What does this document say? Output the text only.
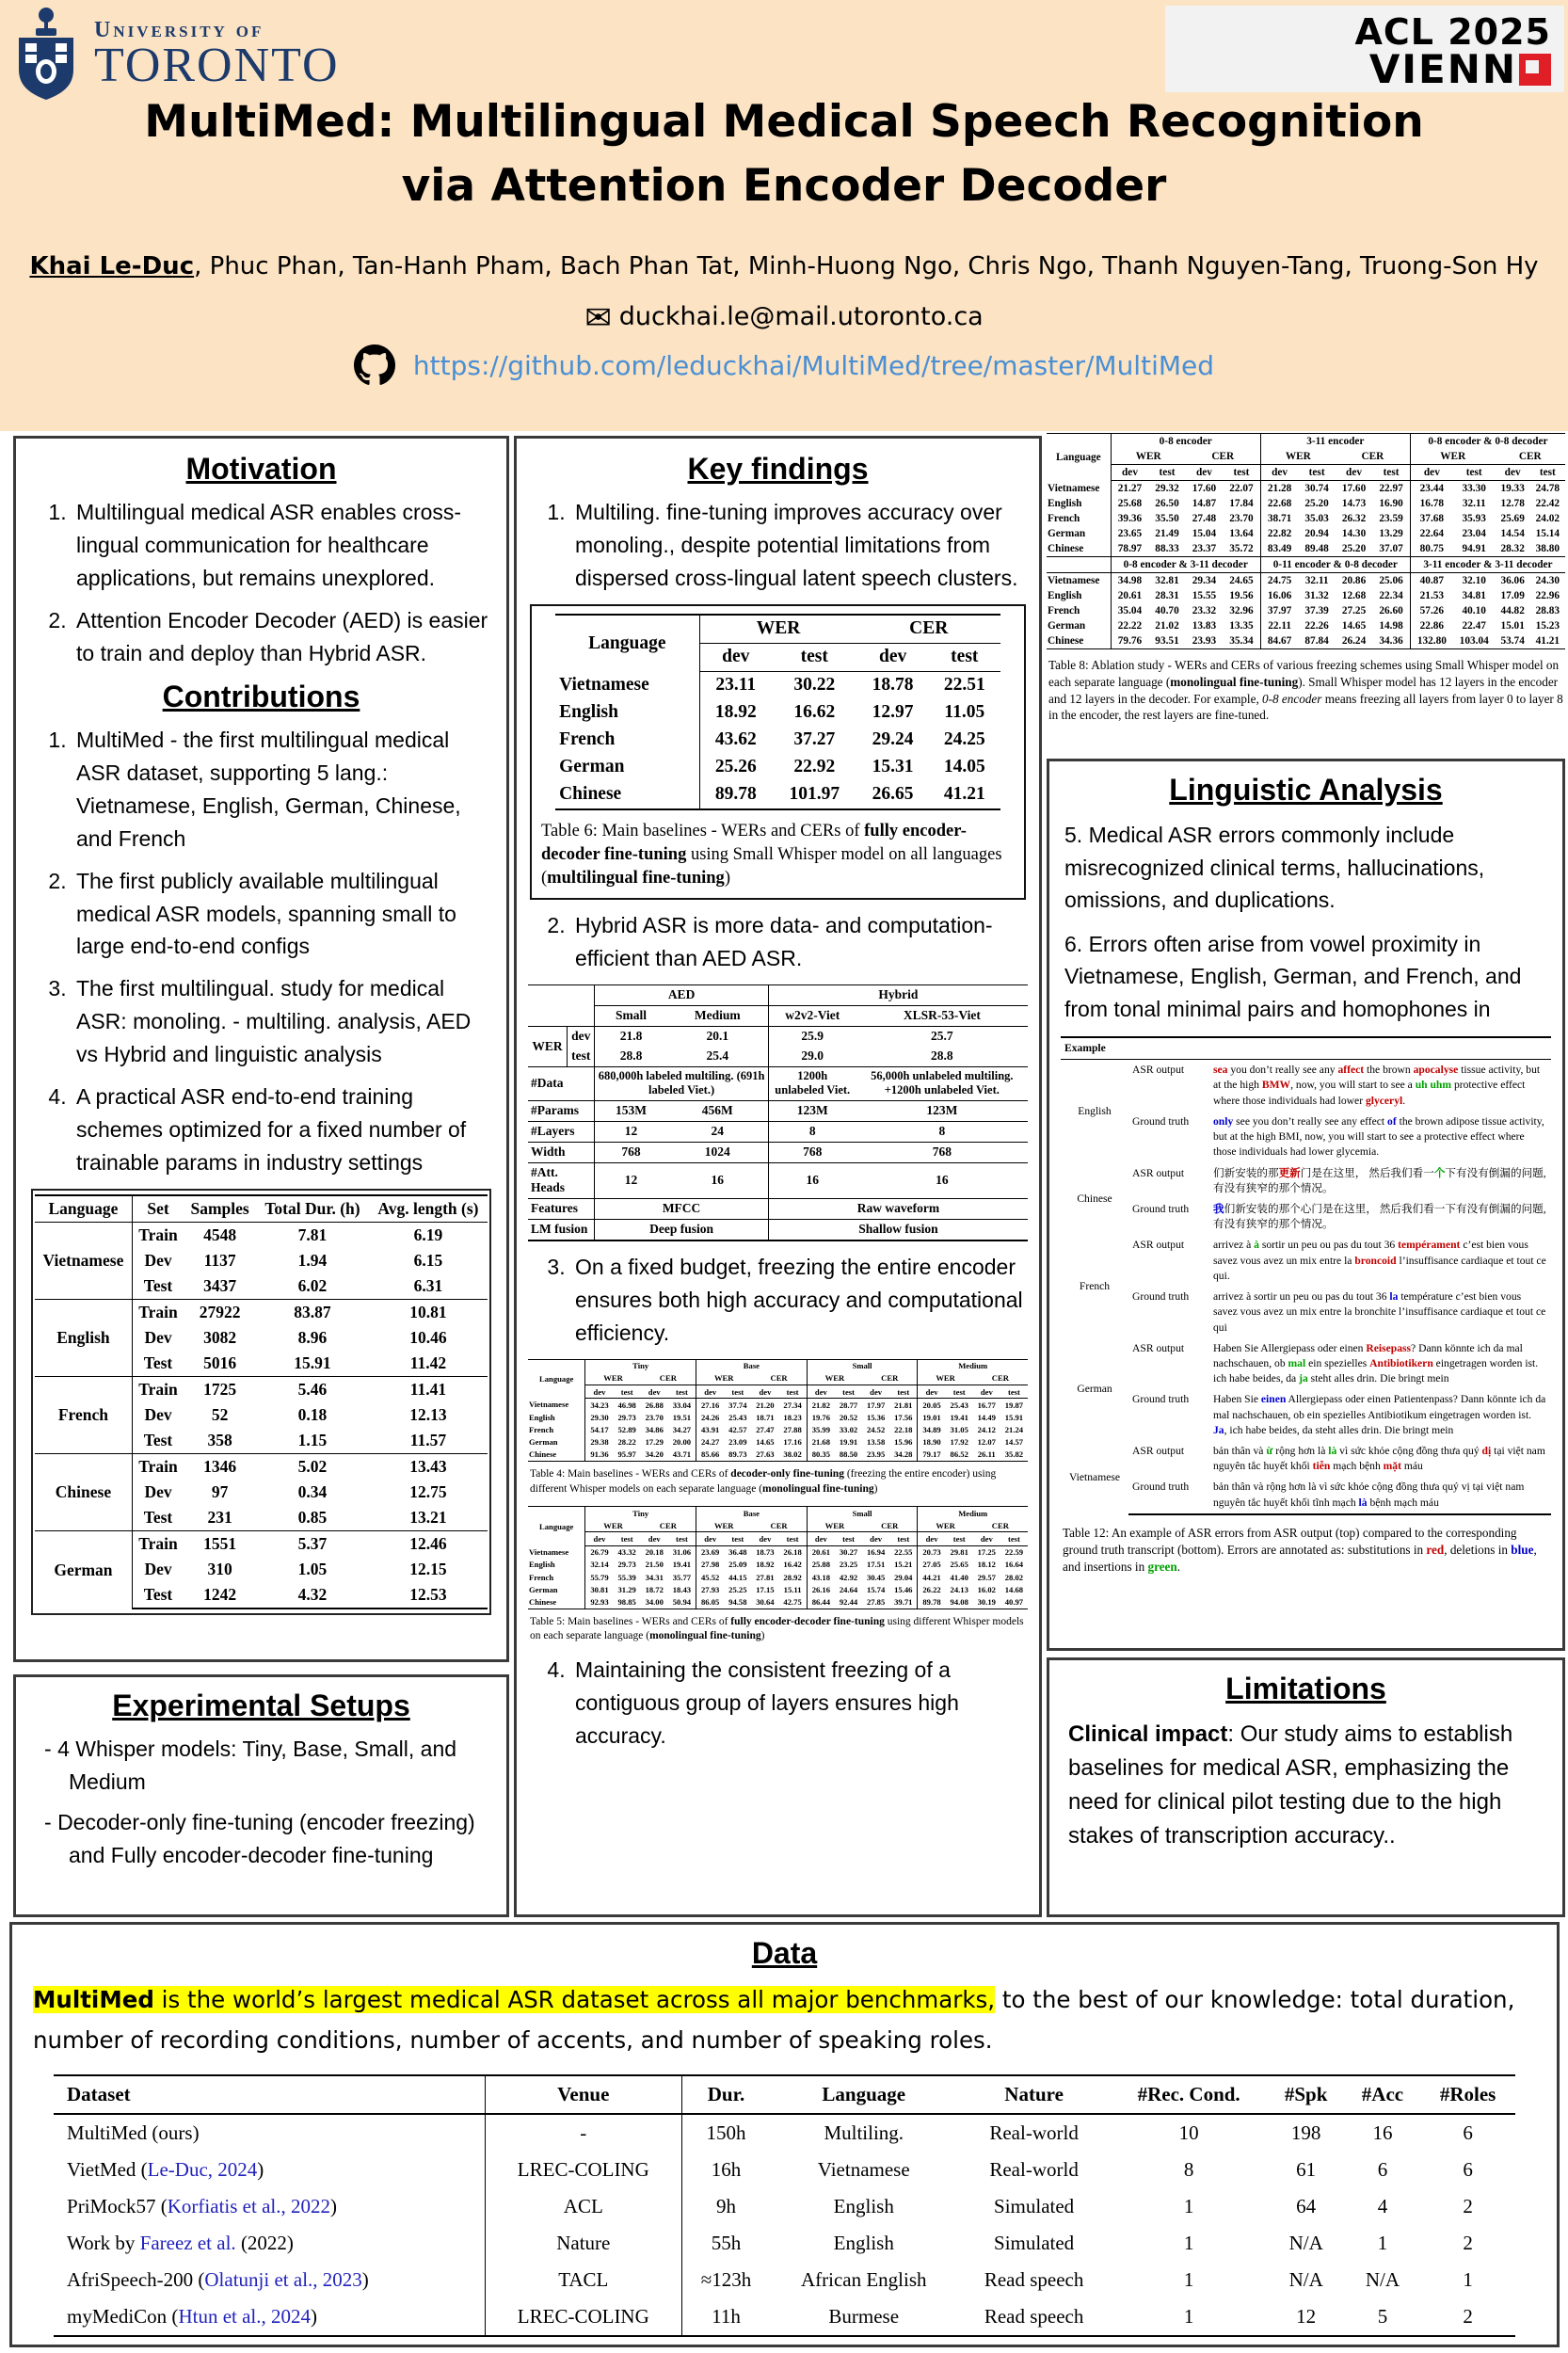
University of
TORONTO
ACL 2025
VIENN
MultiMed: Multilingual Medical Speech Recognition
via Attention Encoder Decoder
Khai Le-Duc, Phuc Phan, Tan-Hanh Pham, Bach Phan Tat, Minh-Huong Ngo, Chris Ngo, Thanh Nguyen-Tang, Truong-Son Hy
✉ duckhai.le@mail.utoronto.ca
https://github.com/leduckhai/MultiMed/tree/master/MultiMed
Motivation
1. Multilingual medical ASR enables cross-lingual communication for healthcare applications, but remains unexplored.
2. Attention Encoder Decoder (AED) is easier to train and deploy than Hybrid ASR.
Contributions
1. MultiMed - the first multilingual medical ASR dataset, supporting 5 lang.: Vietnamese, English, German, Chinese, and French
2. The first publicly available multilingual medical ASR models, spanning small to large end-to-end configs
3. The first multilingual. study for medical ASR: monoling. - multiling. analysis, AED vs Hybrid and linguistic analysis
4. A practical ASR end-to-end training schemes optimized for a fixed number of trainable params in industry settings
Language	Set	Samples	Total Dur. (h)	Avg. length (s)
Vietnamese	Train	4548	7.81	6.19
	Dev	1137	1.94	6.15
	Test	3437	6.02	6.31
English	Train	27922	83.87	10.81
	Dev	3082	8.96	10.46
	Test	5016	15.91	11.42
French	Train	1725	5.46	11.41
	Dev	52	0.18	12.13
	Test	358	1.15	11.57
Chinese	Train	1346	5.02	13.43
	Dev	97	0.34	12.75
	Test	231	0.85	13.21
German	Train	1551	5.37	12.46
	Dev	310	1.05	12.15
	Test	1242	4.32	12.53
Experimental Setups
- 4 Whisper models: Tiny, Base, Small, and Medium
- Decoder-only fine-tuning (encoder freezing) and Fully encoder-decoder fine-tuning
Key findings
1. Multiling. fine-tuning improves accuracy over monoling., despite potential limitations from dispersed cross-lingual latent speech clusters.
Language	WER		CER	
	dev	test	dev	test
Vietnamese	23.11	30.22	18.78	22.51
English	18.92	16.62	12.97	11.05
French	43.62	37.27	29.24	24.25
German	25.26	22.92	15.31	14.05
Chinese	89.78	101.97	26.65	41.21
Table 6: Main baselines - WERs and CERs of fully encoder-decoder fine-tuning using Small Whisper model on all languages (multilingual fine-tuning)
2. Hybrid ASR is more data- and computation-efficient than AED ASR.
		AED		Hybrid	
		Small	Medium	w2v2-Viet	XLSR-53-Viet
WER	dev	21.8	20.1	25.9	25.7
	test	28.8	25.4	29.0	28.8
#Data		680,000h labeled multiling. (691h labeled Viet.)		1200h unlabeled Viet.	56,000h unlabeled multiling. +1200h unlabeled Viet.
#Params		153M	456M	123M	123M
#Layers		12	24	8	8
Width		768	1024	768	768
#Att. Heads		12	16	16	16
Features		MFCC		Raw waveform	
LM fusion		Deep fusion		Shallow fusion	
3. On a fixed budget, freezing the entire encoder ensures both high accuracy and computational efficiency.
Language	Tiny				Base				Small				Medium			
	WER		CER		WER		CER		WER		CER		WER		CER	
	dev	test	dev	test	dev	test	dev	test	dev	test	dev	test	dev	test	dev	test
Vietnamese	34.23	46.98	26.88	33.04	27.16	37.74	21.20	27.34	21.82	28.77	17.97	21.81	20.05	25.43	16.77	19.87
English	29.30	29.73	23.70	19.51	24.26	25.43	18.71	18.23	19.76	20.52	15.36	17.56	19.01	19.41	14.49	15.91
French	54.17	52.89	34.86	34.27	43.91	42.57	27.47	27.88	35.99	33.02	24.52	22.18	34.89	31.05	24.12	21.24
German	29.38	28.22	17.29	20.00	24.27	23.09	14.65	17.16	21.68	19.91	13.58	15.96	18.90	17.92	12.07	14.57
Chinese	91.36	95.97	34.20	43.71	85.66	89.73	27.63	38.02	80.35	88.50	23.95	34.28	79.17	86.52	26.11	35.82
Table 4: Main baselines - WERs and CERs of decoder-only fine-tuning (freezing the entire encoder) using different Whisper models on each separate language (monolingual fine-tuning)
Language	Tiny				Base				Small				Medium			
	WER		CER		WER		CER		WER		CER		WER		CER	
	dev	test	dev	test	dev	test	dev	test	dev	test	dev	test	dev	test	dev	test
Vietnamese	26.79	43.32	20.18	31.06	23.69	36.48	18.73	26.18	20.61	30.27	16.94	22.55	20.73	29.81	17.25	22.59
English	32.14	29.73	21.50	19.41	27.98	25.09	18.92	16.42	25.88	23.25	17.51	15.21	27.05	25.65	18.12	16.64
French	55.79	55.39	34.31	35.77	45.52	44.15	27.81	28.92	43.18	42.92	30.45	29.04	44.21	41.40	29.57	28.02
German	30.81	31.29	18.72	18.43	27.93	25.25	17.15	15.11	26.16	24.64	15.74	15.46	26.22	24.13	16.02	14.68
Chinese	92.93	98.85	34.00	50.94	86.05	94.58	30.64	42.75	86.44	92.44	27.85	39.71	89.78	94.08	30.19	40.97
Table 5: Main baselines - WERs and CERs of fully encoder-decoder fine-tuning using different Whisper models on each separate language (monolingual fine-tuning)
4. Maintaining the consistent freezing of a contiguous group of layers ensures high accuracy.
Language	0-8 encoder				3-11 encoder				0-8 encoder & 0-8 decoder			
	WER		CER		WER		CER		WER		CER	
	dev	test	dev	test	dev	test	dev	test	dev	test	dev	test
Vietnamese	21.27	29.32	17.60	22.07	21.28	30.74	17.60	22.97	23.44	33.30	19.33	24.78
English	25.68	26.50	14.87	17.84	22.68	25.20	14.73	16.90	16.78	32.11	12.78	22.42
French	39.36	35.50	27.48	23.70	38.71	35.03	26.32	23.59	37.68	35.93	25.69	24.02
German	23.65	21.49	15.04	13.64	22.82	20.94	14.30	13.29	22.64	23.04	14.54	15.14
Chinese	78.97	88.33	23.37	35.72	83.49	89.48	25.20	37.07	80.75	94.91	28.32	38.80
	0-8 encoder & 3-11 decoder				0-11 encoder & 0-8 decoder				3-11 encoder & 3-11 decoder			
Vietnamese	34.98	32.81	29.34	24.65	24.75	32.11	20.86	25.06	40.87	32.10	36.06	24.30
English	20.61	28.31	15.55	19.56	16.06	31.32	12.68	22.34	21.53	34.81	17.09	22.96
French	35.04	40.70	23.32	32.96	37.97	37.39	27.25	26.60	57.26	40.10	44.82	28.83
German	22.22	21.02	13.83	13.35	22.11	22.26	14.65	14.98	22.86	22.47	15.01	15.23
Chinese	79.76	93.51	23.93	35.34	84.67	87.84	26.24	34.36	132.80	103.04	53.74	41.21
Table 8: Ablation study - WERs and CERs of various freezing schemes using Small Whisper model on each separate language (monolingual fine-tuning). Small Whisper model has 12 layers in the encoder and 12 layers in the decoder. For example, 0-8 encoder means freezing all layers from layer 0 to layer 8 in the encoder, the rest layers are fine-tuned.
Linguistic Analysis
5. Medical ASR errors commonly include misrecognized clinical terms, hallucinations, omissions, and duplications.
6. Errors often arise from vowel proximity in Vietnamese, English, German, and French, and from tonal minimal pairs and homophones in
Example		
English	ASR output	sea you don’t really see any affect the brown apocalyse tissue activity, but at the high BMW, now, you will start to see a uh uhm protective effect where those individuals had lower glyceryl.
	Ground truth	only see you don’t really see any effect of the brown adipose tissue activity, but at the high BMI, now, you will start to see a protective effect where those individuals had lower glycemia.
Chinese	ASR output	们新安装的那更新门是在这里， 然后我们看一个下有没有倒漏的问题, 有没有狭窄的那个情况。
	Ground truth	我们新安装的那个心门是在这里， 然后我们看一下有没有倒漏的问题, 有没有狭窄的那个情况。
French	ASR output	arrivez à à sortir un peu ou pas du tout 36 tempérament c’est bien vous savez vous avez un mix entre la broncoid l’insuffisance cardiaque et tout ce qui.
	Ground truth	arrivez à sortir un peu ou pas du tout 36 la température c’est bien vous savez vous avez un mix entre la bronchite l’insuffisance cardiaque et tout ce qui
German	ASR output	Haben Sie Allergiepass oder einen Reisepass? Dann könnte ich da mal nachschauen, ob mal ein spezielles Antibiotikern eingetragen worden ist. ich habe beides, da ja steht alles drin. Die bringt mein
	Ground truth	Haben Sie einen Allergiepass oder einen Patientenpass? Dann könnte ich da mal nachschauen, ob ein spezielles Antibiotikum eingetragen worden ist. Ja, ich habe beides, da steht alles drin. Die bringt mein
Vietnamese	ASR output	bản thân và ừ rộng hơn là là vì sức khỏe cộng đồng thưa quý dị tại việt nam nguyên tắc huyết khối tiễn mạch bệnh mặt máu
	Ground truth	bản thân và rộng hơn là vì sức khỏe cộng đồng thưa quý vị tại việt nam nguyên tắc huyết khối tĩnh mạch là bệnh mạch máu
Table 12: An example of ASR errors from ASR output (top) compared to the corresponding ground truth transcript (bottom). Errors are annotated as: substitutions in red, deletions in blue, and insertions in green.
Limitations
Clinical impact: Our study aims to establish baselines for medical ASR, emphasizing the need for clinical pilot testing due to the high stakes of transcription accuracy..
Data
MultiMed is the world’s largest medical ASR dataset across all major benchmarks, to the best of our knowledge: total duration, number of recording conditions, number of accents, and number of speaking roles.
Dataset	Venue	Dur.	Language	Nature	#Rec. Cond.	#Spk	#Acc	#Roles
MultiMed (ours)	-	150h	Multiling.	Real-world	10	198	16	6
VietMed (Le-Duc, 2024)	LREC-COLING	16h	Vietnamese	Real-world	8	61	6	6
PriMock57 (Korfiatis et al., 2022)	ACL	9h	English	Simulated	1	64	4	2
Work by Fareez et al. (2022)	Nature	55h	English	Simulated	1	N/A	1	2
AfriSpeech-200 (Olatunji et al., 2023)	TACL	≈123h	African English	Read speech	1	N/A	N/A	1
myMediCon (Htun et al., 2024)	LREC-COLING	11h	Burmese	Read speech	1	12	5	2
